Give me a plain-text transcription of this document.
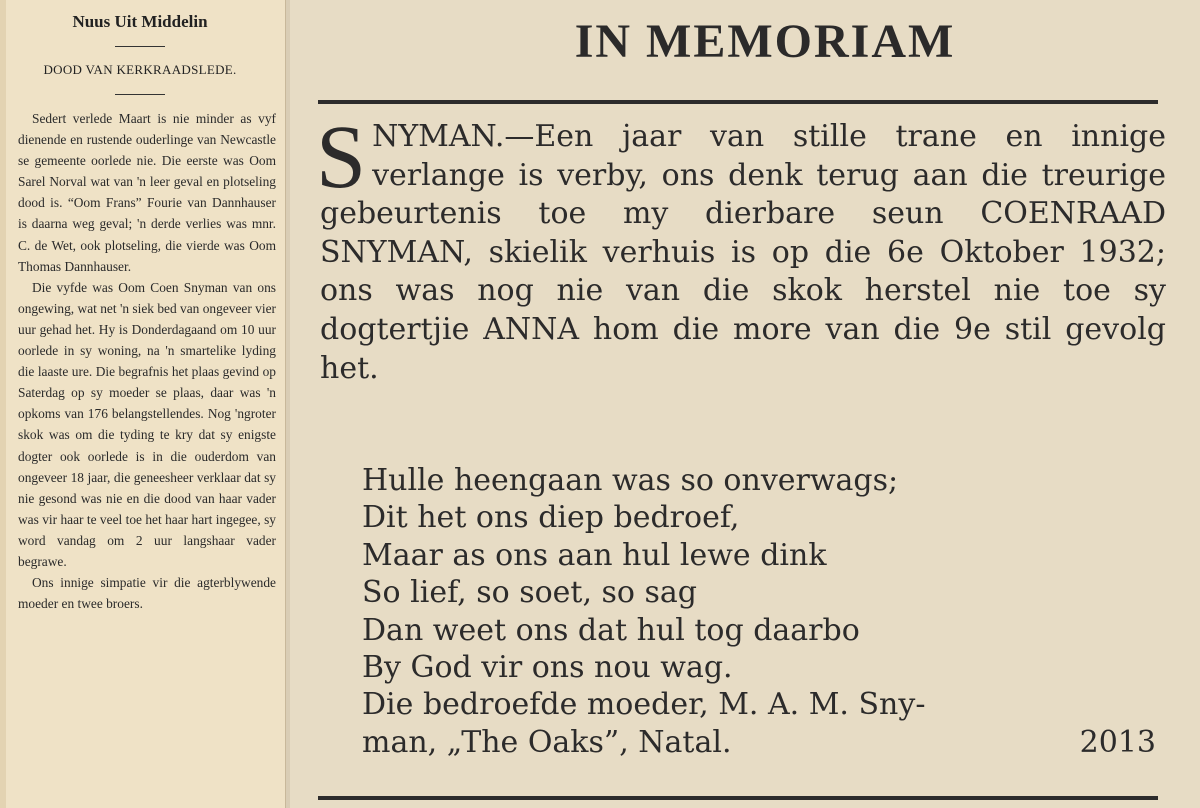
Nuus Uit Middelin
DOOD VAN KERKRAADSLEDE.

Sedert verlede Maart is nie minder as vyf dienende en rustende ouderlinge van Newcastle se gemeente oorlede nie. Die eerste was Oom Sarel Norval wat van 'n leer geval en plotseling dood is. “Oom Frans” Fourie van Dannhauser is daarna weg geval; 'n derde verlies was mnr. C. de Wet, ook plotseling, die vierde was Oom Thomas Dannhauser.

Die vyfde was Oom Coen Snyman van ons ongewing, wat net 'n siek bed van ongeveer vier uur gehad het. Hy is Donderdagaand om 10 uur oorlede in sy woning, na 'n smartelike lyding die laaste ure. Die begrafnis het plaas gevind op Saterdag op sy moeder se plaas, daar was 'n opkoms van 176 belangstellendes. Nog 'ngroter skok was om die tyding te kry dat sy enigste dogter ook oorlede is in die ouderdom van ongeveer 18 jaar, die geneesheer verklaar dat sy nie gesond was nie en die dood van haar vader was vir haar te veel toe het haar hart ingegee, sy word vandag om 2 uur langshaar vader begrawe.

Ons innige simpatie vir die agterblywende moeder en twee broers.

IN MEMORIAM
S NYMAN.—Een jaar van stille trane en innige verlange is verby, ons denk terug aan die treurige gebeurtenis toe my dierbare seun COENRAAD SNYMAN, skielik verhuis is op die 6e Oktober 1932; ons was nog nie van die skok herstel nie toe sy dogtertjie ANNA hom die more van die 9e stil gevolg het.
Hulle heengaan was so onverwags;
Dit het ons diep bedroef,
Maar as ons aan hul lewe dink
So lief, so soet, so sag
Dan weet ons dat hul tog daarbo
By God vir ons nou wag.
Die bedroefde moeder, M. A. M. Sny-
man, „The Oaks”, Natal.	2013
